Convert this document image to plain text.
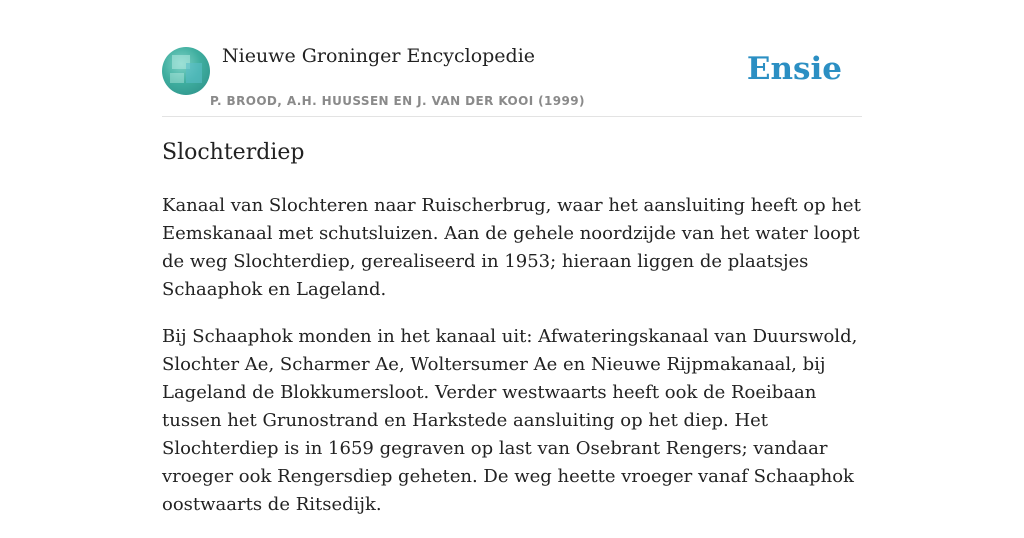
Nieuwe Groninger Encyclopedie
P. BROOD, A.H. HUUSSEN EN J. VAN DER KOOI (1999)
Ensie
Slochterdiep

Kanaal van Slochteren naar Ruischerbrug, waar het aansluiting heeft op het Eemskanaal met schutsluizen. Aan de gehele noordzijde van het water loopt de weg Slochterdiep, gerealiseerd in 1953; hieraan liggen de plaatsjes Schaaphok en Lageland.

Bij Schaaphok monden in het kanaal uit: Afwateringskanaal van Duurswold, Slochter Ae, Scharmer Ae, Woltersumer Ae en Nieuwe Rijpmakanaal, bij Lageland de Blokkumersloot. Verder westwaarts heeft ook de Roeibaan tussen het Grunostrand en Harkstede aansluiting op het diep. Het Slochterdiep is in 1659 gegraven op last van Osebrant Rengers; vandaar vroeger ook Rengersdiep geheten. De weg heette vroeger vanaf Schaaphok oostwaarts de Ritsedijk.
